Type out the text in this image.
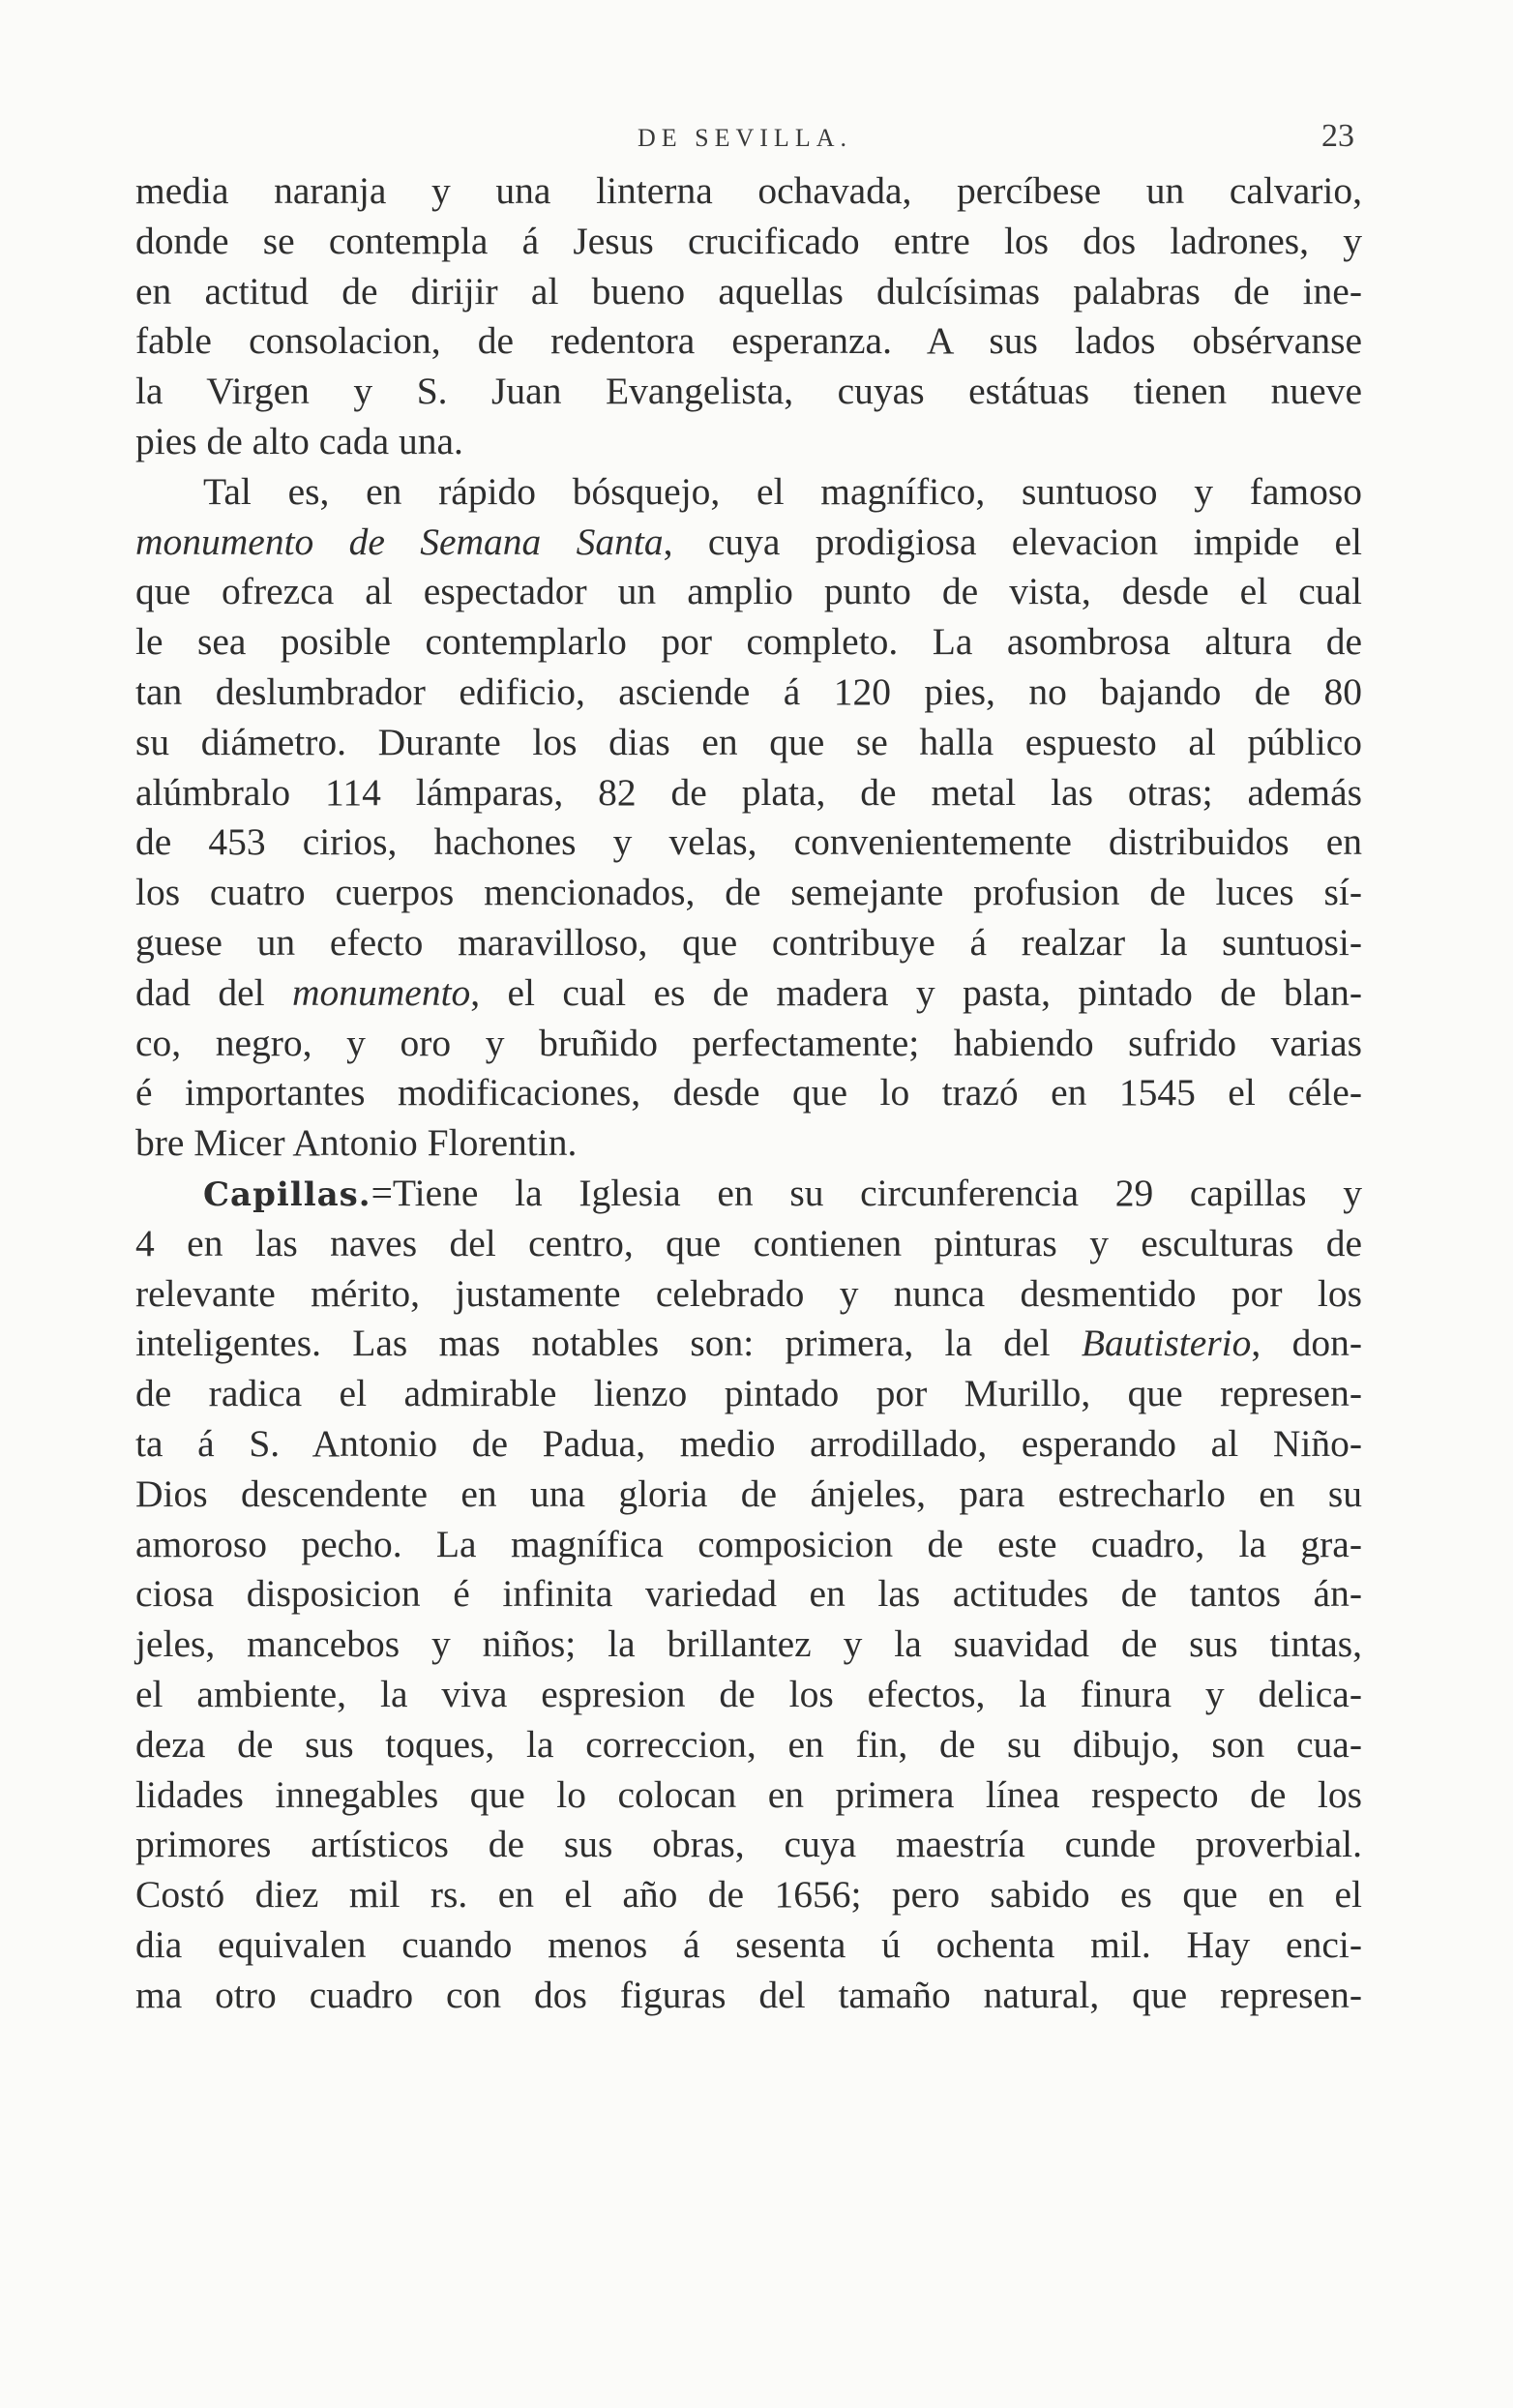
DE SEVILLA.	23
media naranja y una linterna ochavada, percíbese un calvario,
donde se contempla á Jesus crucificado entre los dos ladrones, y
en actitud de dirijir al bueno aquellas dulcísimas palabras de ine-
fable consolacion, de redentora esperanza. A sus lados obsérvanse
la Virgen y S. Juan Evangelista, cuyas estátuas tienen nueve
pies de alto cada una.
Tal es, en rápido bósquejo, el magnífico, suntuoso y famoso
monumento de Semana Santa, cuya prodigiosa elevacion impide el
que ofrezca al espectador un amplio punto de vista, desde el cual
le sea posible contemplarlo por completo. La asombrosa altura de
tan deslumbrador edificio, asciende á 120 pies, no bajando de 80
su diámetro. Durante los dias en que se halla espuesto al público
alúmbralo 114 lámparas, 82 de plata, de metal las otras; además
de 453 cirios, hachones y velas, convenientemente distribuidos en
los cuatro cuerpos mencionados, de semejante profusion de luces sí-
guese un efecto maravilloso, que contribuye á realzar la suntuosi-
dad del monumento, el cual es de madera y pasta, pintado de blan-
co, negro, y oro y bruñido perfectamente; habiendo sufrido varias
é importantes modificaciones, desde que lo trazó en 1545 el céle-
bre Micer Antonio Florentin.
Capillas.=Tiene la Iglesia en su circunferencia 29 capillas y
4 en las naves del centro, que contienen pinturas y esculturas de
relevante mérito, justamente celebrado y nunca desmentido por los
inteligentes. Las mas notables son: primera, la del Bautisterio, don-
de radica el admirable lienzo pintado por Murillo, que represen-
ta á S. Antonio de Padua, medio arrodillado, esperando al Niño-
Dios descendente en una gloria de ánjeles, para estrecharlo en su
amoroso pecho. La magnífica composicion de este cuadro, la gra-
ciosa disposicion é infinita variedad en las actitudes de tantos án-
jeles, mancebos y niños; la brillantez y la suavidad de sus tintas,
el ambiente, la viva espresion de los efectos, la finura y delica-
deza de sus toques, la correccion, en fin, de su dibujo, son cua-
lidades innegables que lo colocan en primera línea respecto de los
primores artísticos de sus obras, cuya maestría cunde proverbial.
Costó diez mil rs. en el año de 1656; pero sabido es que en el
dia equivalen cuando menos á sesenta ú ochenta mil. Hay enci-
ma otro cuadro con dos figuras del tamaño natural, que represen-
